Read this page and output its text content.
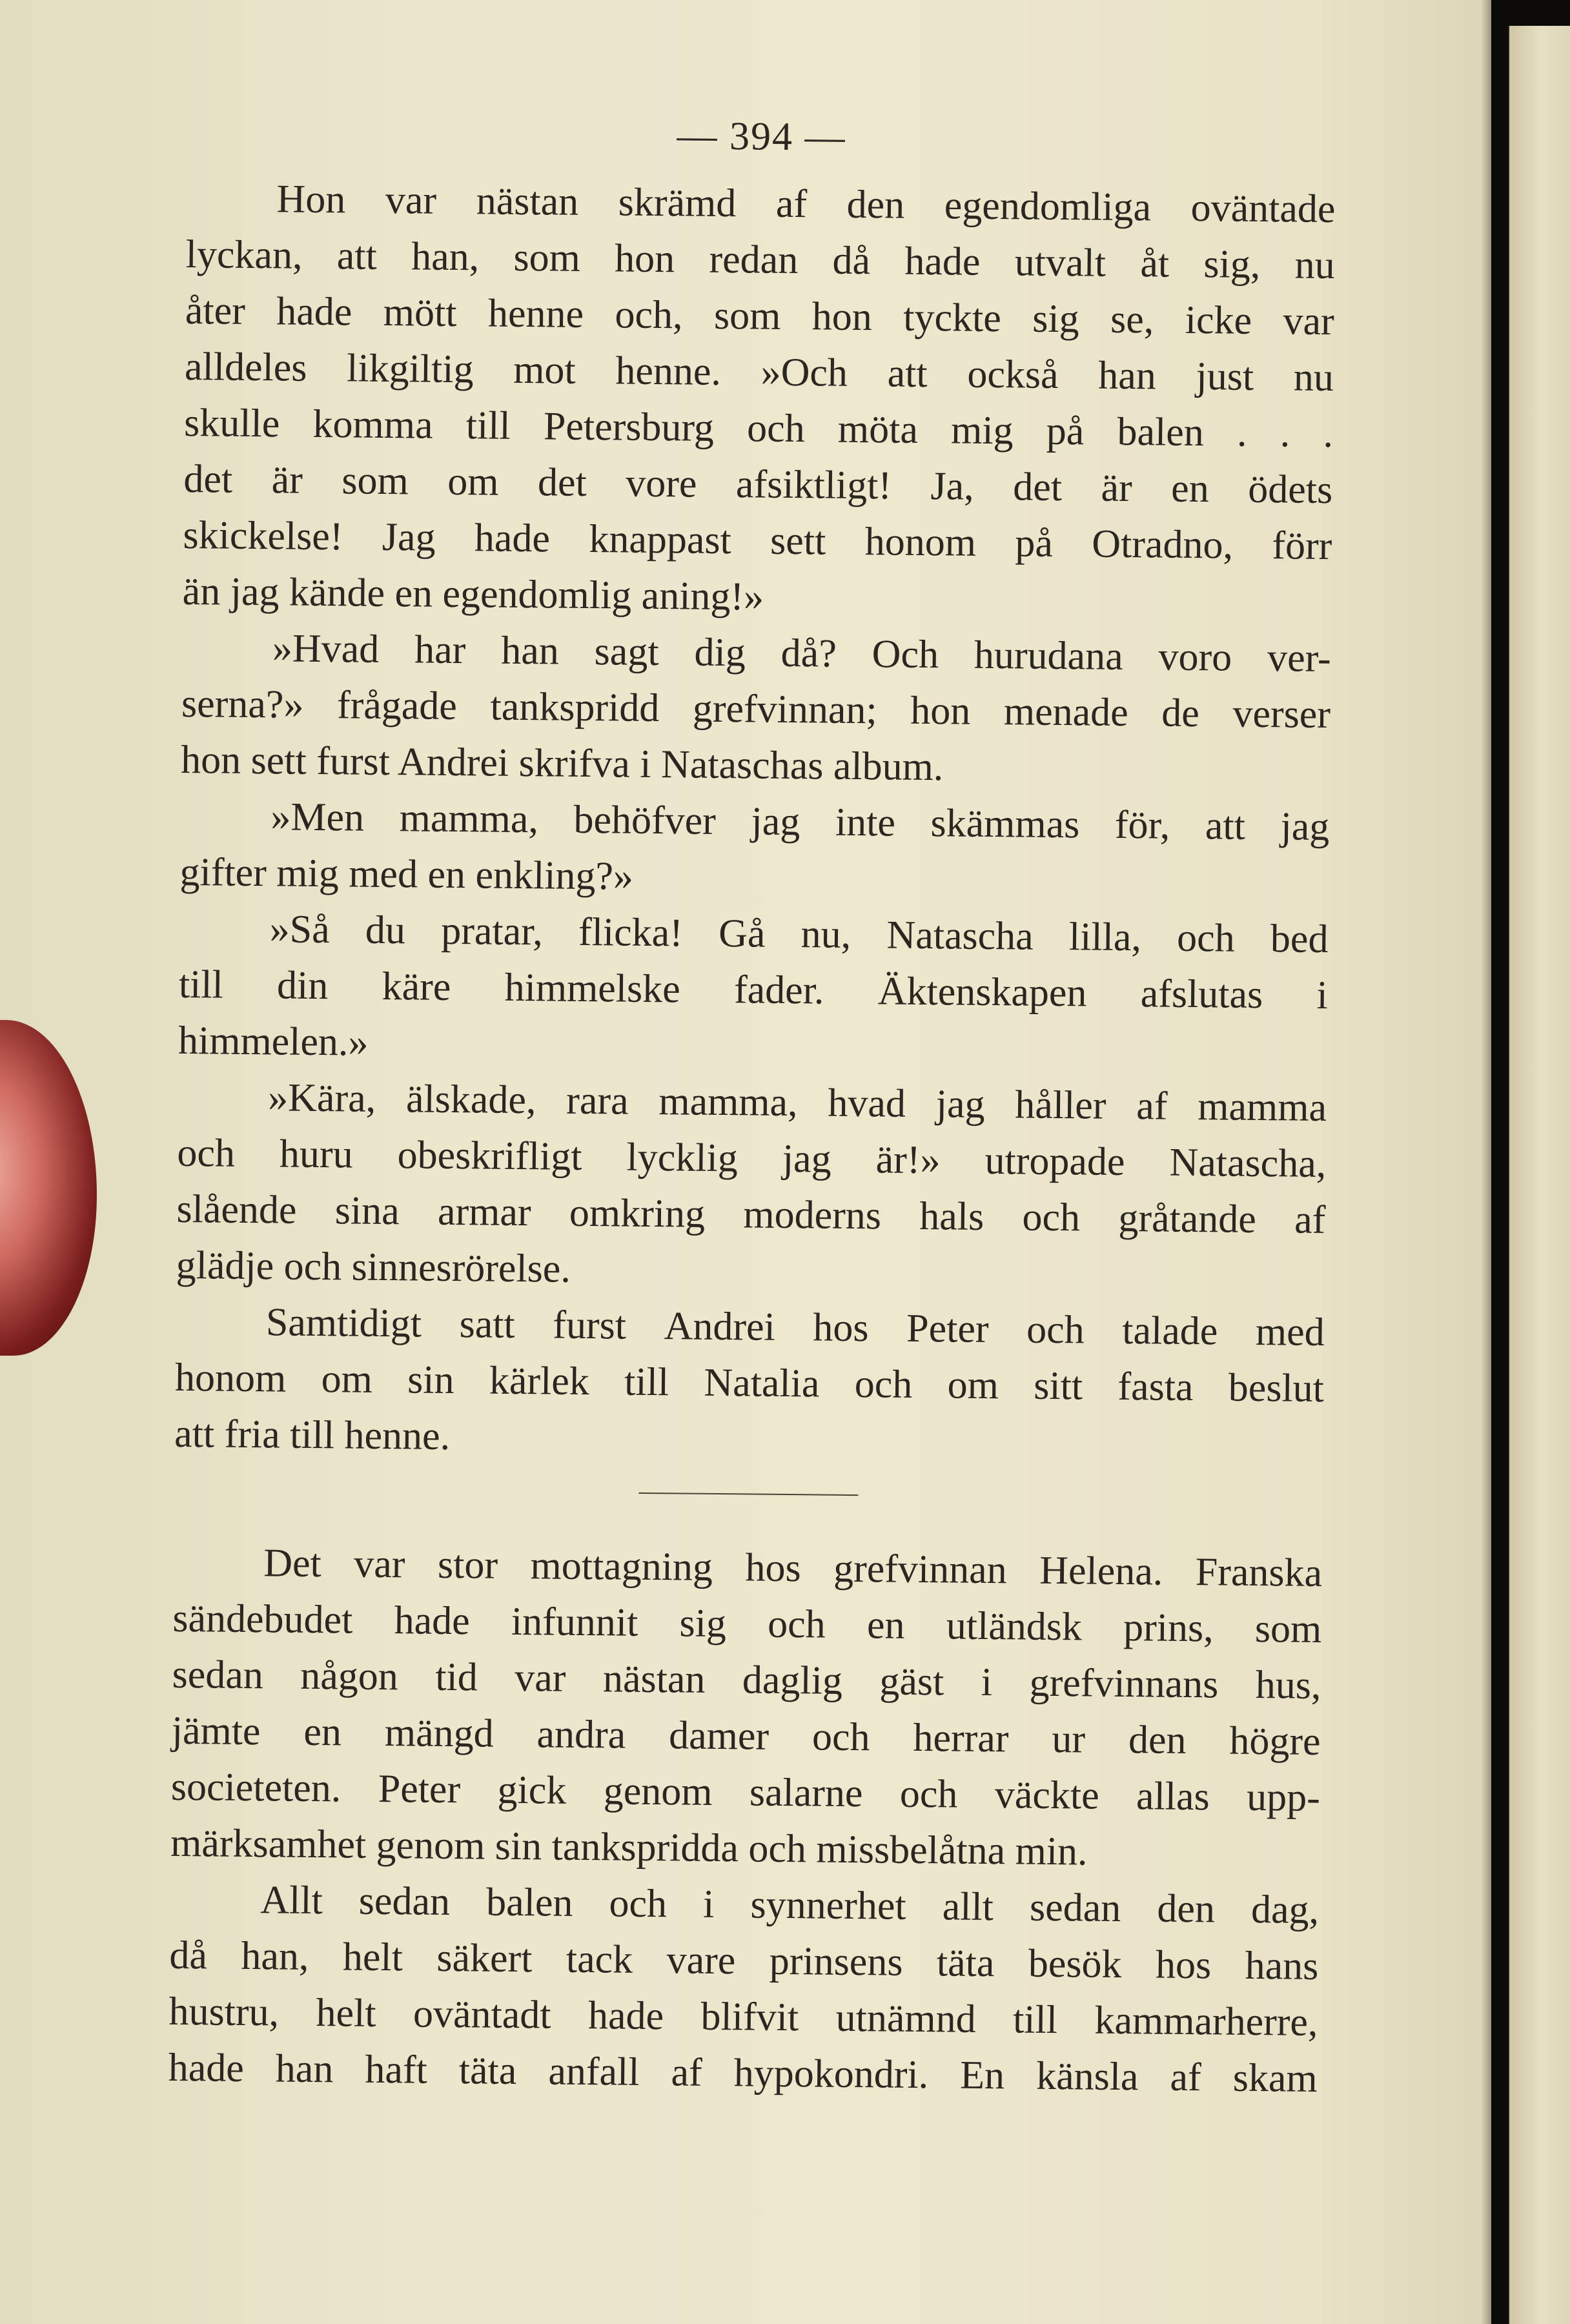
— 394 —
Hon var nästan skrämd af den egendomliga oväntade
lyckan, att han, som hon redan då hade utvalt åt sig, nu
åter hade mött henne och, som hon tyckte sig se, icke var
alldeles likgiltig mot henne. »Och att också han just nu
skulle komma till Petersburg och möta mig på balen . . .
det är som om det vore afsiktligt! Ja, det är en ödets
skickelse! Jag hade knappast sett honom på Otradno, förr
än jag kände en egendomlig aning!»
»Hvad har han sagt dig då? Och hurudana voro ver-
serna?» frågade tankspridd grefvinnan; hon menade de verser
hon sett furst Andrei skrifva i Nataschas album.
»Men mamma, behöfver jag inte skämmas för, att jag
gifter mig med en enkling?»
»Så du pratar, flicka! Gå nu, Natascha lilla, och bed
till din käre himmelske fader. Äktenskapen afslutas i
himmelen.»
»Kära, älskade, rara mamma, hvad jag håller af mamma
och huru obeskrifligt lycklig jag är!» utropade Natascha,
slående sina armar omkring moderns hals och gråtande af
glädje och sinnesrörelse.
Samtidigt satt furst Andrei hos Peter och talade med
honom om sin kärlek till Natalia och om sitt fasta beslut
att fria till henne.
Det var stor mottagning hos grefvinnan Helena. Franska
sändebudet hade infunnit sig och en utländsk prins, som
sedan någon tid var nästan daglig gäst i grefvinnans hus,
jämte en mängd andra damer och herrar ur den högre
societeten. Peter gick genom salarne och väckte allas upp-
märksamhet genom sin tankspridda och missbelåtna min.
Allt sedan balen och i synnerhet allt sedan den dag,
då han, helt säkert tack vare prinsens täta besök hos hans
hustru, helt oväntadt hade blifvit utnämnd till kammarherre,
hade han haft täta anfall af hypokondri. En känsla af skam
